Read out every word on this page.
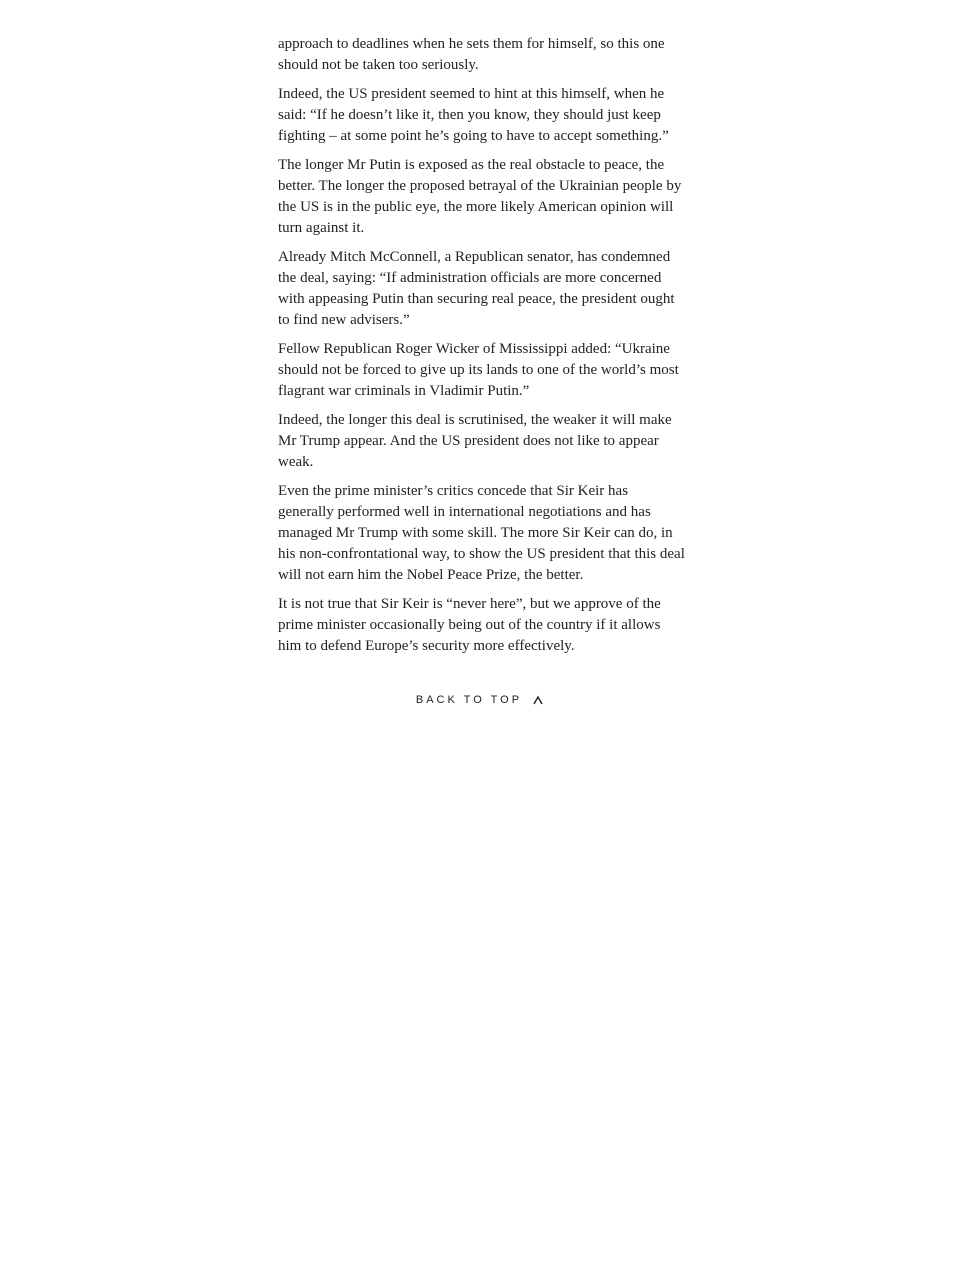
approach to deadlines when he sets them for himself, so this one should not be taken too seriously.

Indeed, the US president seemed to hint at this himself, when he said: “If he doesn’t like it, then you know, they should just keep fighting – at some point he’s going to have to accept something.”

The longer Mr Putin is exposed as the real obstacle to peace, the better. The longer the proposed betrayal of the Ukrainian people by the US is in the public eye, the more likely American opinion will turn against it.

Already Mitch McConnell, a Republican senator, has condemned the deal, saying: “If administration officials are more concerned with appeasing Putin than securing real peace, the president ought to find new advisers.”

Fellow Republican Roger Wicker of Mississippi added: “Ukraine should not be forced to give up its lands to one of the world’s most flagrant war criminals in Vladimir Putin.”

Indeed, the longer this deal is scrutinised, the weaker it will make Mr Trump appear. And the US president does not like to appear weak.

Even the prime minister’s critics concede that Sir Keir has generally performed well in international negotiations and has managed Mr Trump with some skill. The more Sir Keir can do, in his non-confrontational way, to show the US president that this deal will not earn him the Nobel Peace Prize, the better.

It is not true that Sir Keir is “never here”, but we approve of the prime minister occasionally being out of the country if it allows him to defend Europe’s security more effectively.

BACK TO TOP
